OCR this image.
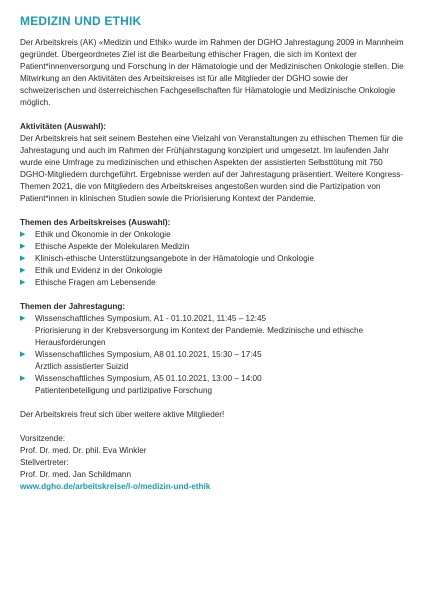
MEDIZIN UND ETHIK

Der Arbeitskreis (AK) «Medizin und Ethik» wurde im Rahmen der DGHO Jahrestagung 2009 in Mannheim gegründet. Übergeordnetes Ziel ist die Bearbeitung ethischer Fragen, die sich im Kontext der Patient*innenversorgung und Forschung in der Hämatologie und der Medizinischen Onkologie stellen. Die Mitwirkung an den Aktivitäten des Arbeitskreises ist für alle Mitglieder der DGHO sowie der schweizerischen und österreichischen Fachgesellschaften für Hämatologie und Medizinische Onkologie möglich.

Aktivitäten (Auswahl):

Der Arbeitskreis hat seit seinem Bestehen eine Vielzahl von Veranstaltungen zu ethischen Themen für die Jahrestagung und auch im Rahmen der Frühjahrstagung konzipiert und umgesetzt. Im laufenden Jahr wurde eine Umfrage zu medizinischen und ethischen Aspekten der assistierten Selbsttötung mit 750 DGHO-Mitgliedern durchgeführt. Ergebnisse werden auf der Jahrestagung präsentiert. Weitere Kongress-Themen 2021, die von Mitgliedern des Arbeitskreises angestoßen wurden sind die Partizipation von Patient*innen in klinischen Studien sowie die Priorisierung Kontext der Pandemie.

Themen des Arbeitskreises (Auswahl):
▶ Ethik und Ökonomie in der Onkologie
▶ Ethische Aspekte der Molekularen Medizin
▶ Klinisch-ethische Unterstützungsangebote in der Hämatologie und Onkologie
▶ Ethik und Evidenz in der Onkologie
▶ Ethische Fragen am Lebensende
Themen der Jahrestagung:
▶ Wissenschaftliches Symposium, A1 - 01.10.2021, 11:45 – 12:45
Priorisierung in der Krebsversorgung im Kontext der Pandemie. Medizinische und ethische Herausforderungen
▶ Wissenschaftliches Symposium, A8 01.10.2021, 15:30 – 17:45
Ärztlich assistierter Suizid
▶ Wissenschaftliches Symposium, A5 01.10.2021, 13:00 – 14:00
Patientenbeteiligung und partizipative Forschung

Der Arbeitskreis freut sich über weitere aktive Mitglieder!

Vorsitzende:

Prof. Dr. med. Dr. phil. Eva Winkler

Stellvertreter:

Prof. Dr. med. Jan Schildmann

www.dgho.de/arbeitskreise/l-o/medizin-und-ethik
